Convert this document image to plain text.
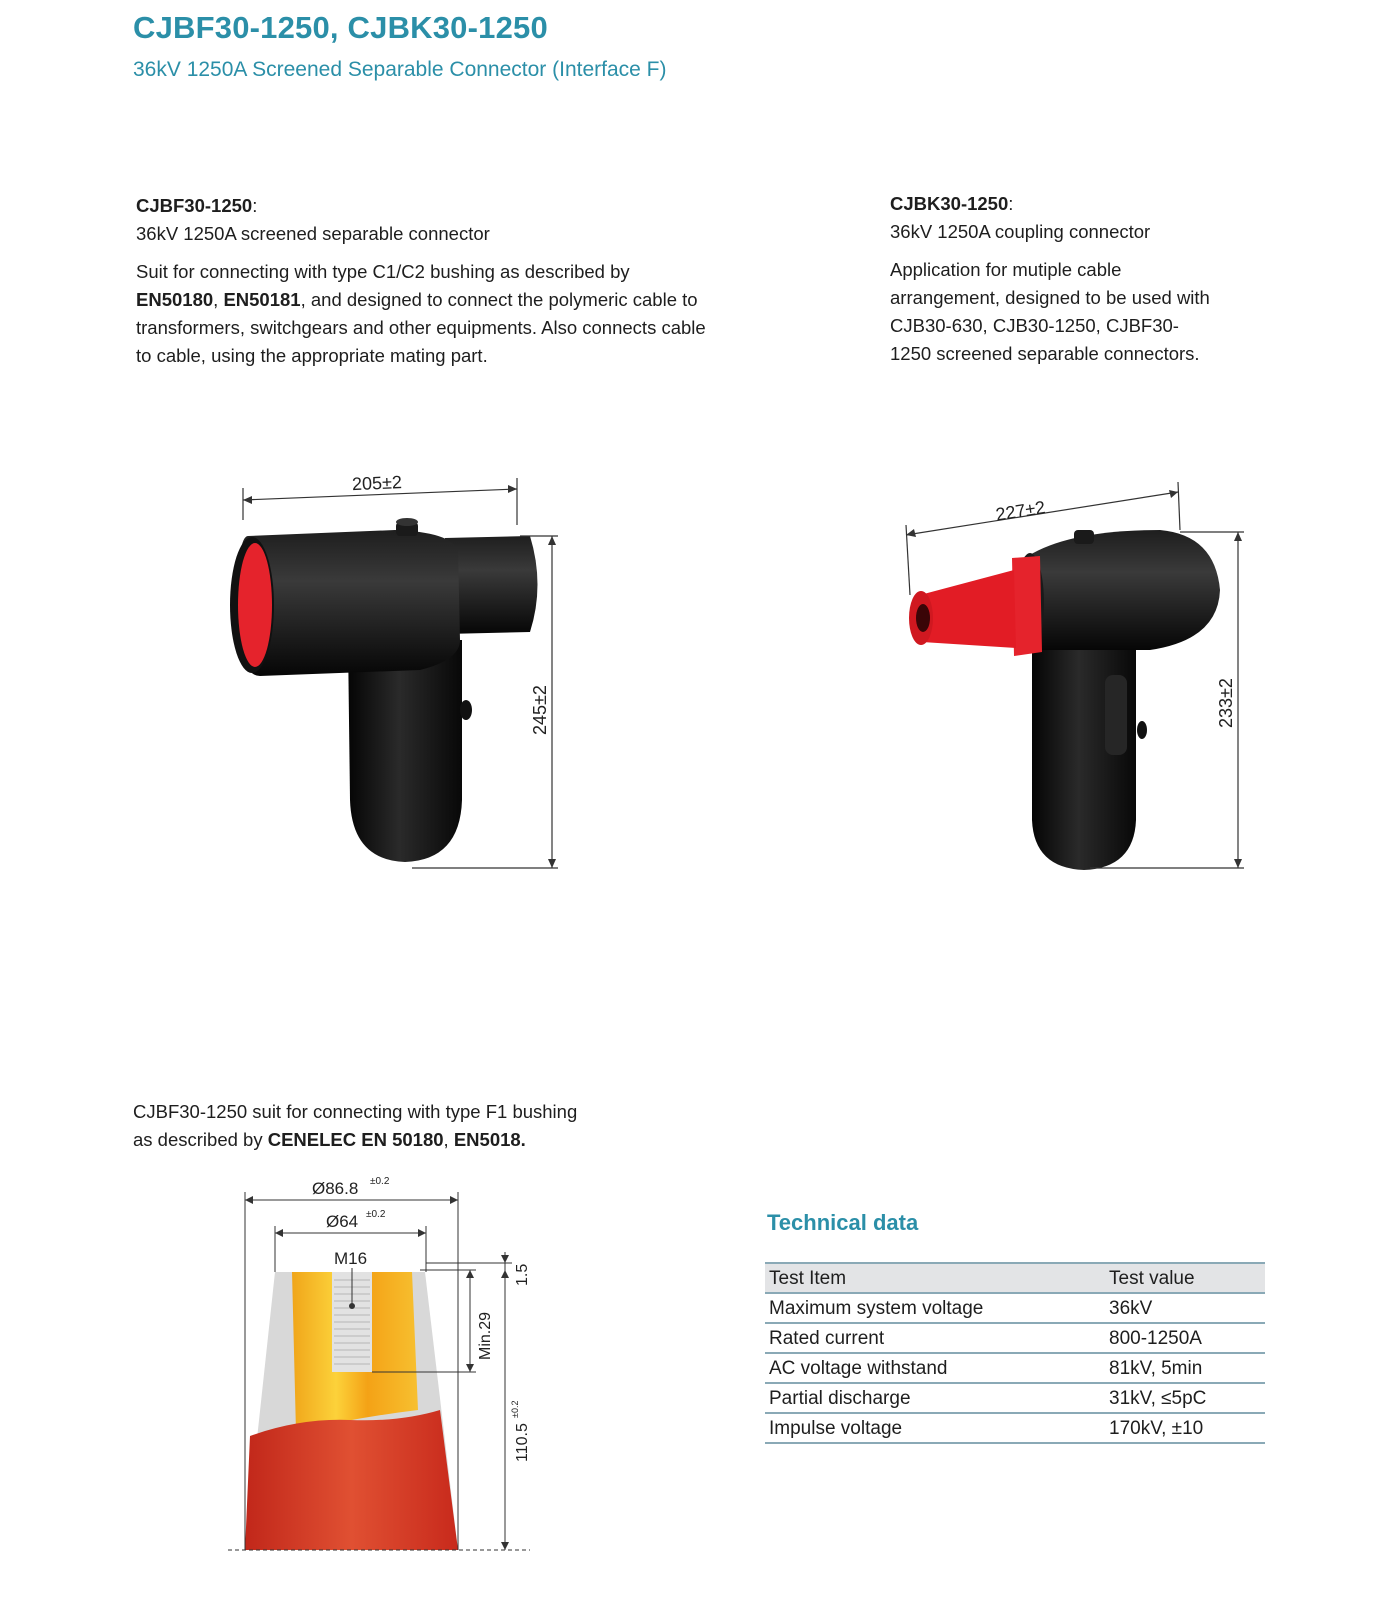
CJBF30-1250, CJBK30-1250
36kV 1250A Screened Separable Connector (Interface F)

CJBF30-1250:

36kV 1250A screened separable connector

Suit for connecting with type C1/C2 bushing as described by

EN50180, EN50181, and designed to connect the polymeric cable to

transformers, switchgears and other equipments. Also connects cable

to cable, using the appropriate mating part.

CJBK30-1250:

36kV 1250A coupling connector

Application for mutiple cable

arrangement, designed to be used with

CJB30-630, CJB30-1250, CJBF30-

1250 screened separable connectors.

205±2
245±2
227±2
233±2

CJBF30-1250 suit for connecting with type F1 bushing

as described by CENELEC EN 50180, EN5018.

Ø86.8 ±0.2
Ø64 ±0.2
M16
Min.29
1.5
110.5
±0.2
Technical data
Test Item	Test value
Maximum system voltage	36kV
Rated current	800-1250A
AC voltage withstand	81kV, 5min
Partial discharge	31kV, ≤5pC
Impulse voltage	170kV, ±10
